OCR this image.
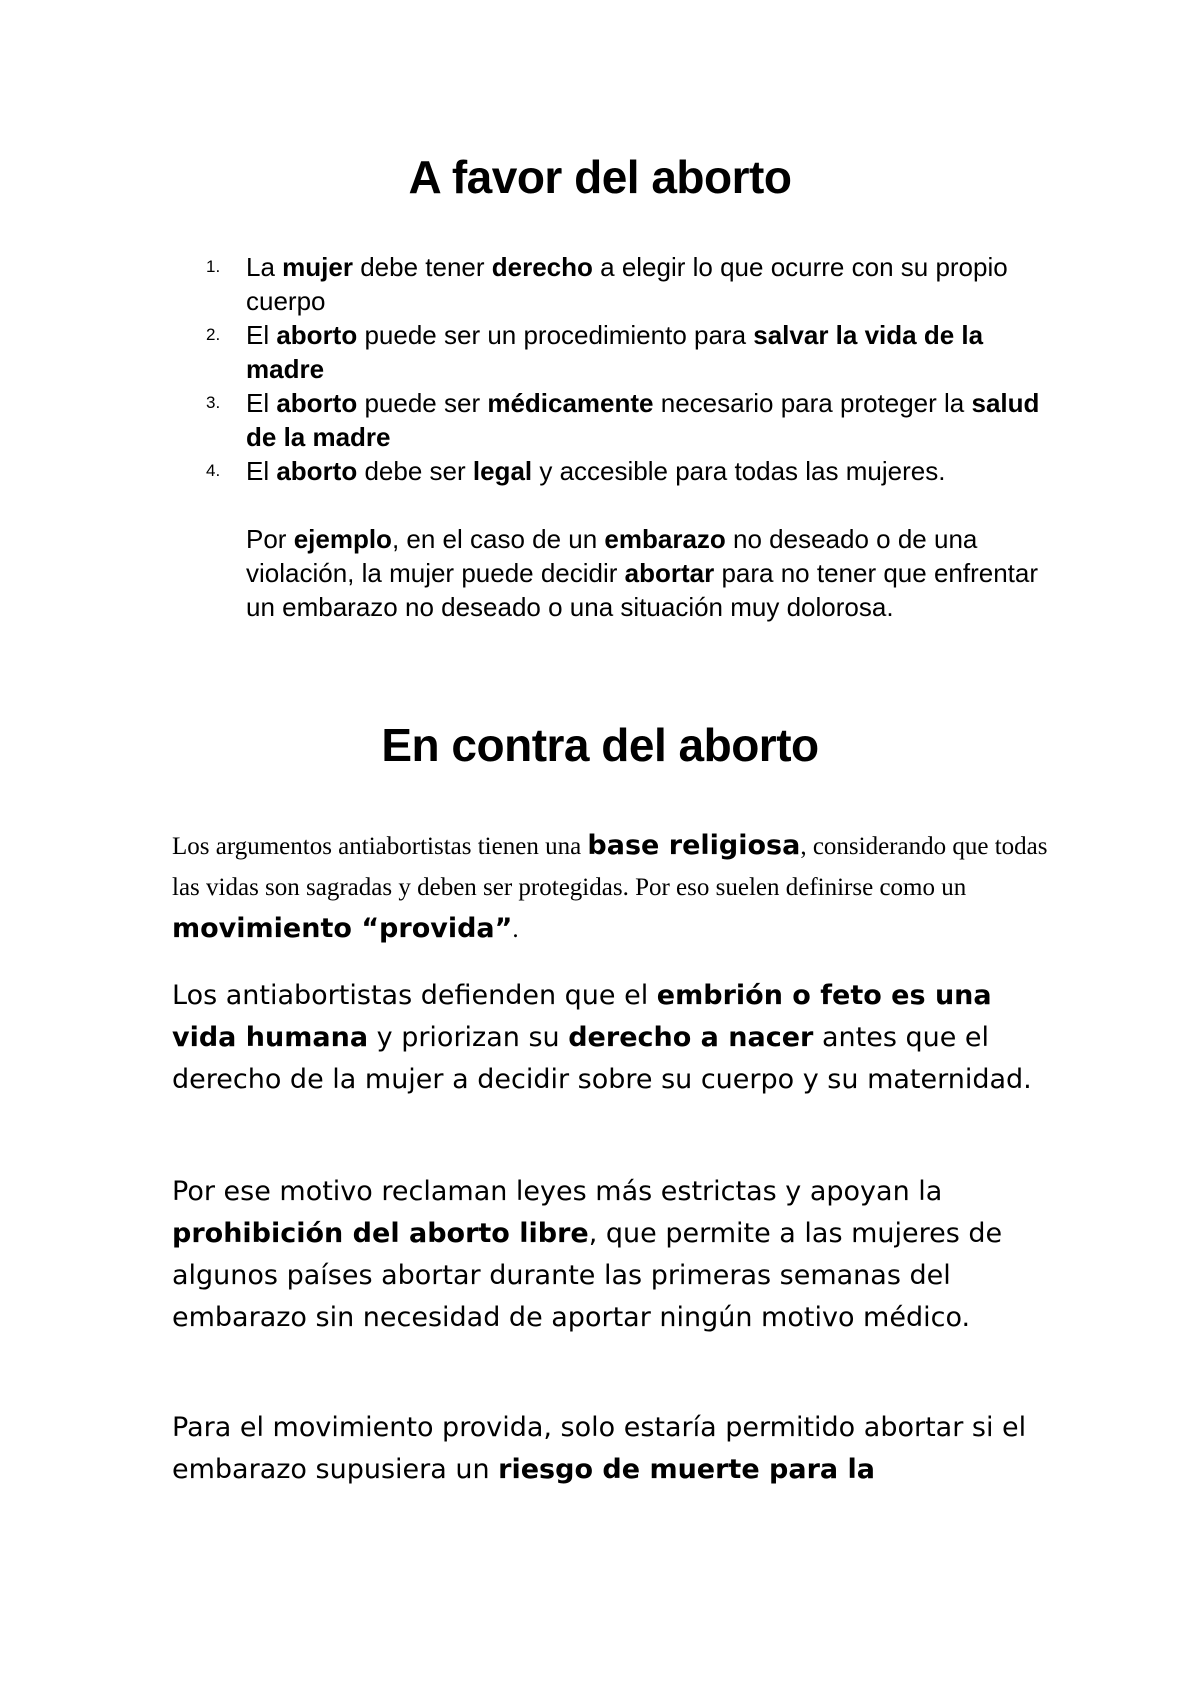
A favor del aborto
1. La mujer debe tener derecho a elegir lo que ocurre con su propio cuerpo
2. El aborto puede ser un procedimiento para salvar la vida de la madre
3. El aborto puede ser médicamente necesario para proteger la salud de la madre
4. El aborto debe ser legal y accesible para todas las mujeres.

Por ejemplo, en el caso de un embarazo no deseado o de una violación, la mujer puede decidir abortar para no tener que enfrentar un embarazo no deseado o una situación muy dolorosa.

En contra del aborto

Los argumentos antiabortistas tienen una base religiosa, considerando que todas las vidas son sagradas y deben ser protegidas. Por eso suelen definirse como un movimiento “provida”.

Los antiabortistas defienden que el embrión o feto es una vida humana y priorizan su derecho a nacer antes que el derecho de la mujer a decidir sobre su cuerpo y su maternidad.

Por ese motivo reclaman leyes más estrictas y apoyan la prohibición del aborto libre, que permite a las mujeres de algunos países abortar durante las primeras semanas del embarazo sin necesidad de aportar ningún motivo médico.

Para el movimiento provida, solo estaría permitido abortar si el embarazo supusiera un riesgo de muerte para la
